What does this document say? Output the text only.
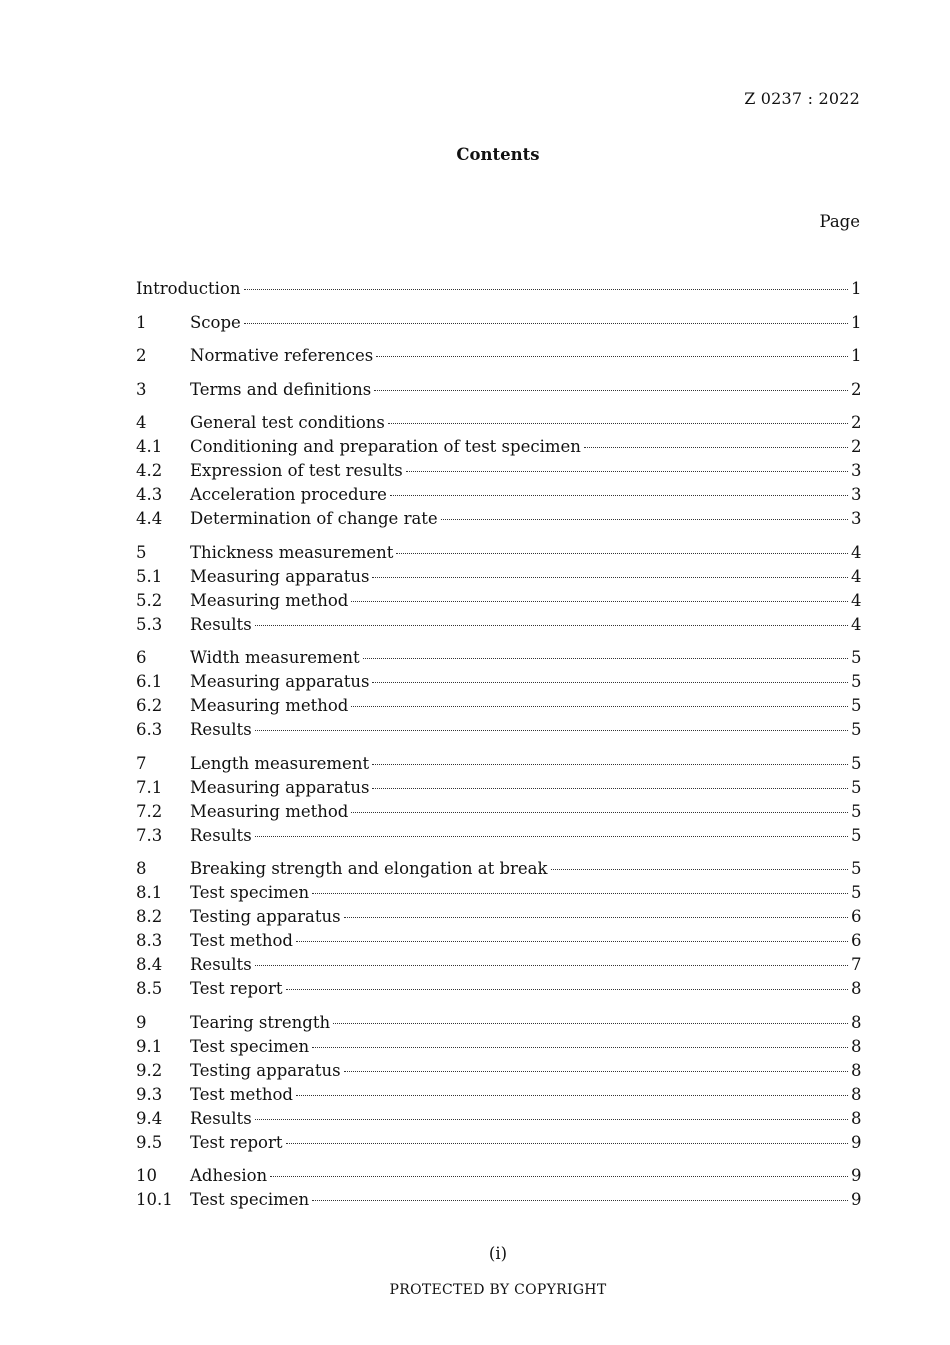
Z 0237 : 2022
Contents
Page
Introduction	1
1	Scope	1
2	Normative references	1
3	Terms and definitions	2
4	General test conditions	2
4.1	Conditioning and preparation of test specimen	2
4.2	Expression of test results	3
4.3	Acceleration procedure	3
4.4	Determination of change rate	3
5	Thickness measurement	4
5.1	Measuring apparatus	4
5.2	Measuring method	4
5.3	Results	4
6	Width measurement	5
6.1	Measuring apparatus	5
6.2	Measuring method	5
6.3	Results	5
7	Length measurement	5
7.1	Measuring apparatus	5
7.2	Measuring method	5
7.3	Results	5
8	Breaking strength and elongation at break	5
8.1	Test specimen	5
8.2	Testing apparatus	6
8.3	Test method	6
8.4	Results	7
8.5	Test report	8
9	Tearing strength	8
9.1	Test specimen	8
9.2	Testing apparatus	8
9.3	Test method	8
9.4	Results	8
9.5	Test report	9
10	Adhesion	9
10.1	Test specimen	9
(i)
PROTECTED BY COPYRIGHT
